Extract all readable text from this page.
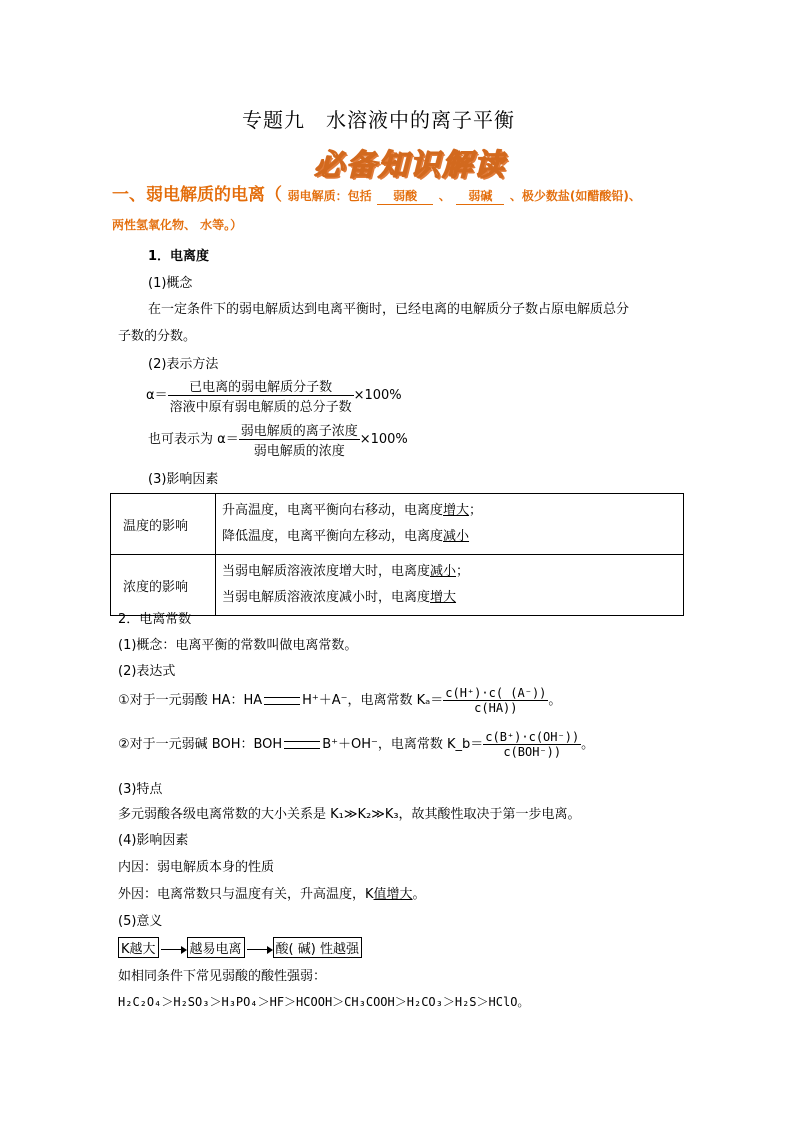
专题九　水溶液中的离子平衡
必备知识解读
一、弱电解质的电离（ 弱电解质：包括 弱酸 、 弱碱 、极少数盐(如醋酸铅)、
两性氢氧化物、 水等。）
1．电离度
(1)概念
在一定条件下的弱电解质达到电离平衡时，已经电离的电解质分子数占原电解质总分
子数的分数。
(2)表示方法
$\alpha= \frac{\text{已电离的弱电解质分子数}}{\text{溶液中原有弱电解质的总分子数}} \times 100\%$
也可表示为 $\alpha= \frac{\text{弱电解质的离子浓度}}{\text{弱电解质的浓度}} \times 100\%$
(3)影响因素
温度的影响	升高温度，电离平衡向右移动，电离度增大；
降低温度，电离平衡向左移动，电离度减小

浓度的影响	当弱电解质溶液浓度增大时，电离度减小；
当弱电解质溶液浓度减小时，电离度增大
2．电离常数
(1)概念：电离平衡的常数叫做电离常数。
(2)表达式
①对于一元弱酸 HA：HA	H⁺＋A⁻，电离常数 $K_a= \frac{c(H^+)\cdot c( (A^-))}{c(HA))}$ 。
②对于一元弱碱 BOH：BOH	B⁺＋OH⁻，电离常数 K_b＝ $\frac{c(B^+)\cdot c(OH^-))}{\text{c(BOH⁻))}}$ 。
(3)特点
多元弱酸各级电离常数的大小关系是 K₁≫K₂≫K₃，故其酸性取决于第一步电离。
(4)影响因素
内因：弱电解质本身的性质
外因：电离常数只与温度有关，升高温度，K值增大。
(5)意义
K越大	越易电离	酸( 碱) 性越强
如相同条件下常见弱酸的酸性强弱：
H₂C₂O₄＞H₂SO₃＞H₃PO₄＞HF＞HCOOH＞CH₃COOH＞H₂CO₃＞H₂S＞HClO。
